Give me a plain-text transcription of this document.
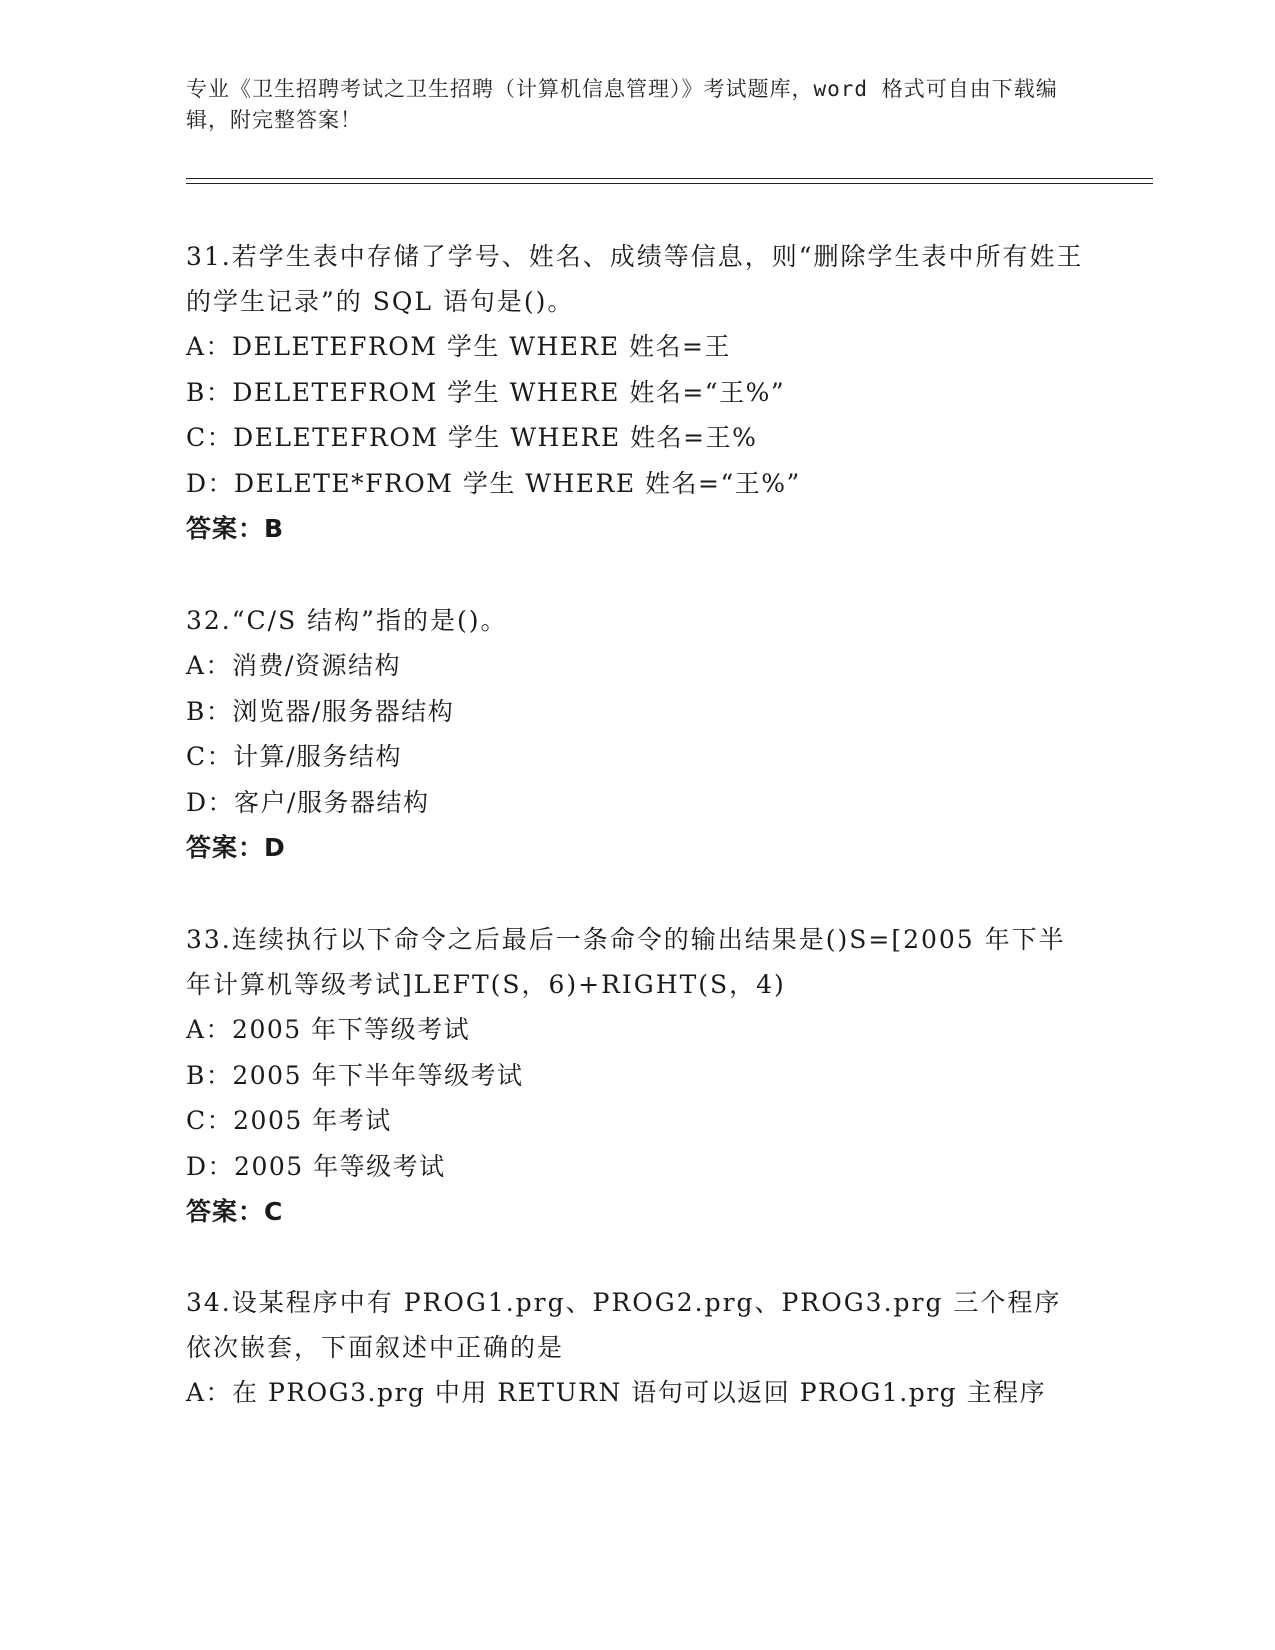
专业《卫生招聘考试之卫生招聘（计算机信息管理）》考试题库，word 格式可自由下载编辑，附完整答案！

31.若学生表中存储了学号、姓名、成绩等信息，则“删除学生表中所有姓王的学生记录”的 SQL 语句是()。

A：DELETEFROM 学生 WHERE 姓名=王

B：DELETEFROM 学生 WHERE 姓名=“王%”

C：DELETEFROM 学生 WHERE 姓名=王%

D：DELETE*FROM 学生 WHERE 姓名=“王%”

答案：B

32.“C/S 结构”指的是()。

A：消费/资源结构

B：浏览器/服务器结构

C：计算/服务结构

D：客户/服务器结构

答案：D

33.连续执行以下命令之后最后一条命令的输出结果是()S=[2005 年下半年计算机等级考试]LEFT(S，6)+RIGHT(S，4)

A：2005 年下等级考试

B：2005 年下半年等级考试

C：2005 年考试

D：2005 年等级考试

答案：C

34.设某程序中有 PROG1.prg、PROG2.prg、PROG3.prg 三个程序依次嵌套，下面叙述中正确的是

A：在 PROG3.prg 中用 RETURN 语句可以返回 PROG1.prg 主程序
